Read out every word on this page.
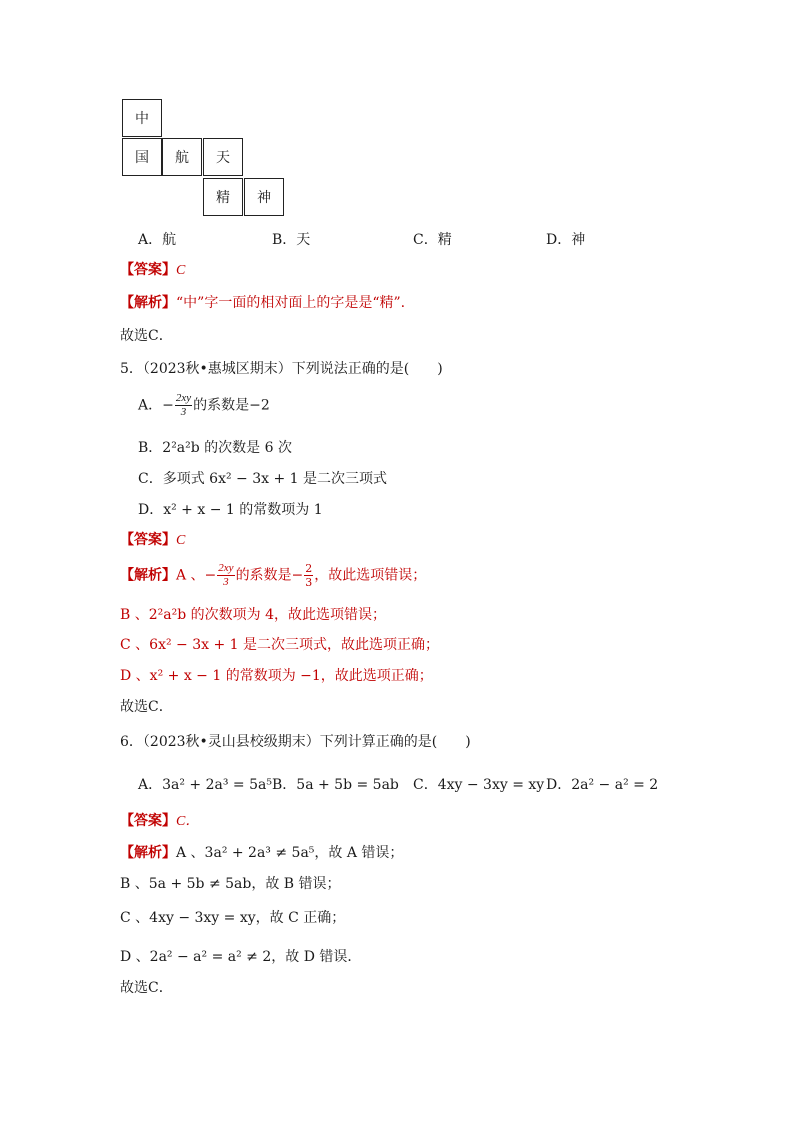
中
国	航	天
精	神
A．航	B．天	C．精	D．神
【答案】C
【解析】“中”字一面的相对面上的字是是“精”.
故选C．
5．（2023秋•惠城区期末）下列说法正确的是(　　)
A．− $\frac{2xy}{3}$ 的系数是−2
B．2²a²b 的次数是 6 次
C．多项式 6x² − 3x + 1 是二次三项式
D．x² + x − 1 的常数项为 1
【答案】C
【解析】A 、− $\frac{2xy}{3}$ 的系数是− $\frac{2}{3}$ ，故此选项错误；
B 、2²a²b 的次数项为 4，故此选项错误；
C 、6x² − 3x + 1 是二次三项式，故此选项正确；
D 、x² + x − 1 的常数项为 −1，故此选项正确；
故选C．
6．（2023秋•灵山县校级期末）下列计算正确的是(　　)
A．3a² + 2a³ = 5a⁵ B．5a + 5b = 5ab C．4xy − 3xy = xy D．2a² − a² = 2
【答案】C．
【解析】A 、3a² + 2a³ ≠ 5a⁵，故 A 错误；
B 、5a + 5b ≠ 5ab，故 B 错误；
C 、4xy − 3xy = xy，故 C 正确；
D 、2a² − a² = a² ≠ 2，故 D 错误．
故选C．
